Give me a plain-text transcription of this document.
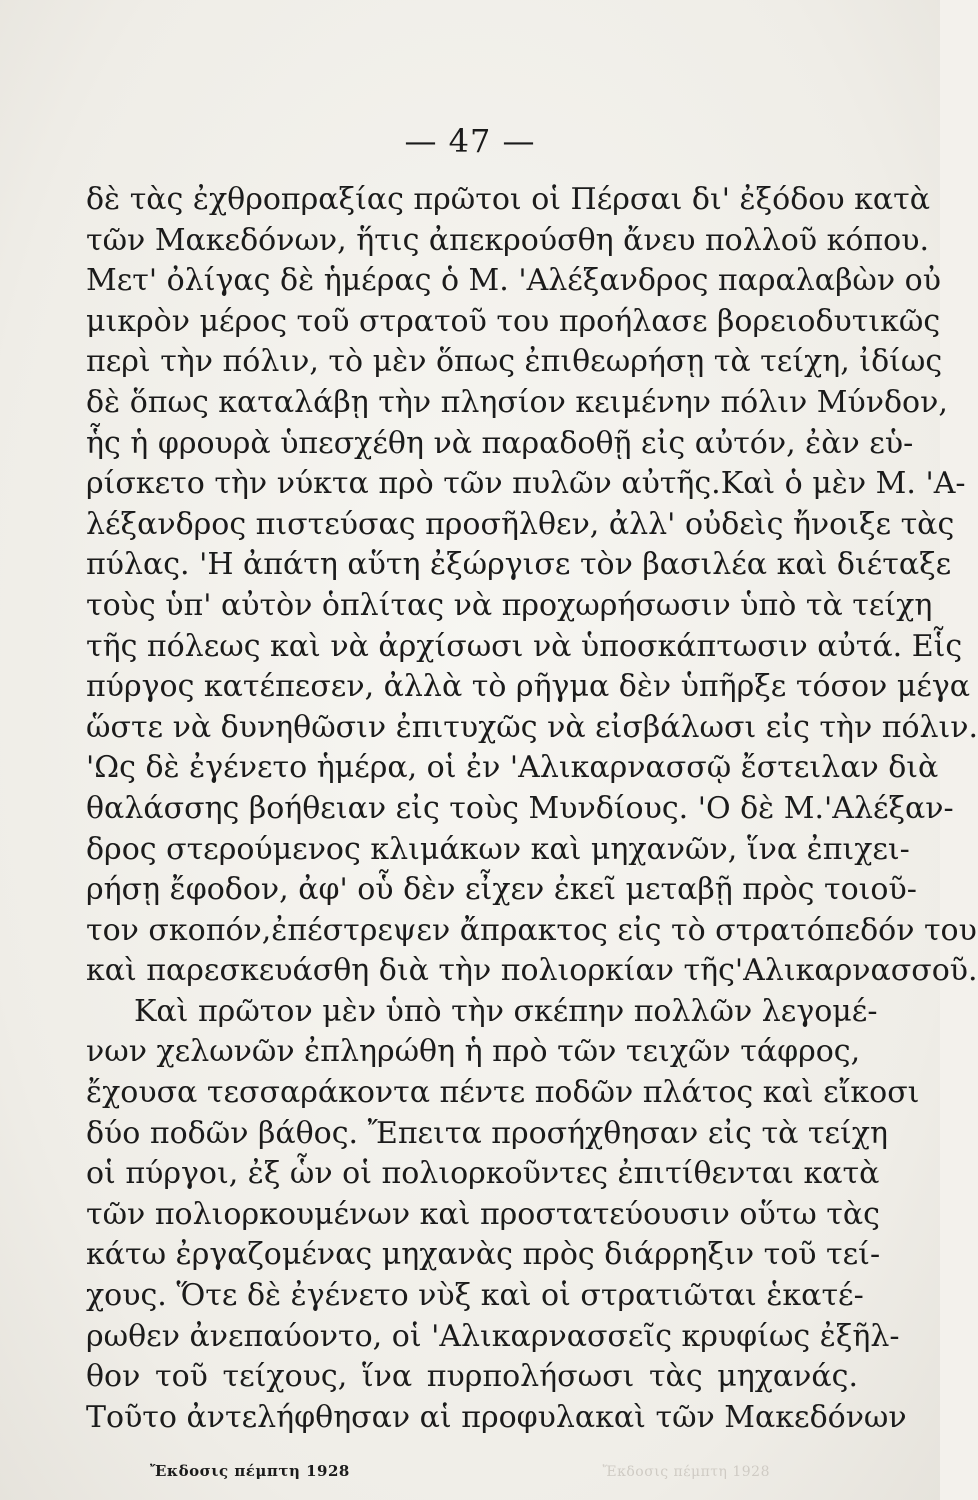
— 47 —
δὲ τὰς ἐχθροπραξίας πρῶτοι οἱ Πέρσαι δι' ἐξόδου κατὰ
τῶν Μακεδόνων, ἥτις ἀπεκρούσθη ἄνευ πολλοῦ κόπου.
Μετ' ὀλίγας δὲ ἡμέρας ὁ Μ. 'Αλέξανδρος παραλαβὼν οὐ
μικρὸν μέρος τοῦ στρατοῦ του προήλασε βορειοδυτικῶς
περὶ τὴν πόλιν, τὸ μὲν ὅπως ἐπιθεωρήσῃ τὰ τείχη, ἰδίως
δὲ ὅπως καταλάβῃ τὴν πλησίον κειμένην πόλιν Μύνδον,
ἧς ἡ φρουρὰ ὑπεσχέθη νὰ παραδοθῇ εἰς αὐτόν, ἐὰν εὑ-
ρίσκετο τὴν νύκτα πρὸ τῶν πυλῶν αὐτῆς.Καὶ ὁ μὲν Μ. 'Α-
λέξανδρος πιστεύσας προσῆλθεν, ἀλλ' οὐδεὶς ἤνοιξε τὰς
πύλας. 'Η ἀπάτη αὕτη ἐξώργισε τὸν βασιλέα καὶ διέταξε
τοὺς ὑπ' αὐτὸν ὁπλίτας νὰ προχωρήσωσιν ὑπὸ τὰ τείχη
τῆς πόλεως καὶ νὰ ἀρχίσωσι νὰ ὑποσκάπτωσιν αὐτά. Εἷς
πύργος κατέπεσεν, ἀλλὰ τὸ ρῆγμα δὲν ὑπῆρξε τόσον μέγα
ὥστε νὰ δυνηθῶσιν ἐπιτυχῶς νὰ εἰσβάλωσι εἰς τὴν πόλιν.
'Ως δὲ ἐγένετο ἡμέρα, οἱ ἐν 'Αλικαρνασσῷ ἔστειλαν διὰ
θαλάσσης βοήθειαν εἰς τοὺς Μυνδίους. 'Ο δὲ Μ.'Αλέξαν-
δρος στερούμενος κλιμάκων καὶ μηχανῶν, ἵνα ἐπιχει-
ρήσῃ ἔφοδον, ἀφ' οὗ δὲν εἶχεν ἐκεῖ μεταβῇ πρὸς τοιοῦ-
τον σκοπόν,ἐπέστρεψεν ἄπρακτος εἰς τὸ στρατόπεδόν του
καὶ παρεσκευάσθη διὰ τὴν πολιορκίαν τῆς'Αλικαρνασσοῦ.
Καὶ πρῶτον μὲν ὑπὸ τὴν σκέπην πολλῶν λεγομέ-
νων χελωνῶν ἐπληρώθη ἡ πρὸ τῶν τειχῶν τάφρος,
ἔχουσα τεσσαράκοντα πέντε ποδῶν πλάτος καὶ εἴκοσι
δύο ποδῶν βάθος. Ἔπειτα προσήχθησαν εἰς τὰ τείχη
οἱ πύργοι, ἐξ ὧν οἱ πολιορκοῦντες ἐπιτίθενται κατὰ
τῶν πολιορκουμένων καὶ προστατεύουσιν οὕτω τὰς
κάτω ἐργαζομένας μηχανὰς πρὸς διάρρηξιν τοῦ τεί-
χους. Ὅτε δὲ ἐγένετο νὺξ καὶ οἱ στρατιῶται ἑκατέ-
ρωθεν ἀνεπαύοντο, οἱ 'Αλικαρνασσεῖς κρυφίως ἐξῆλ-
θον τοῦ τείχους, ἵνα πυρπολήσωσι τὰς μηχανάς.
Τοῦτο ἀντελήφθησαν αἱ προφυλακαὶ τῶν Μακεδόνων
Ἔκδοσις πέμπτη 1928	Ἔκδοσις πέμπτη 1928
